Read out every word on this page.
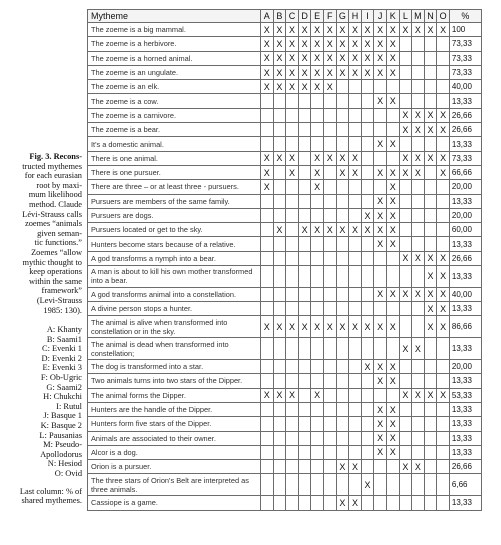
Fig. 3. Recons-

tructed mythemes
for each eurasian
root by maxi-
mum likelihood
method. Claude
Lévi-Strauss calls
zoemes “animals
given seman-
tic functions.”
Zoemes “allow
mythic thought to
keep operations
within the same
framework”
(Levi-Strauss
1985: 130).
A: Khanty
B: Saami1
C: Evenki 1
D: Evenki 2
E: Evenki 3
F: Ob-Ugric
G: Saami2
H: Chukchi
I: Rutul
J: Basque 1
K: Basque 2
L: Pausanias
M: Pseudo-
Apollodorus
N: Hesiod
O: Ovid
Last column: % of
shared mythemes.
Mytheme	A	B	C	D	E	F	G	H	I	J	K	L	M	N	O	%
The zoeme is a big mammal.	X	X	X	X	X	X	X	X	X	X	X	X	X	X	X	100
The zoeme is a herbivore.	X	X	X	X	X	X	X	X	X	X	X					73,33
The zoeme is a horned animal.	X	X	X	X	X	X	X	X	X	X	X					73,33
The zoeme is an ungulate.	X	X	X	X	X	X	X	X	X	X	X					73,33
The zoeme is an elk.	X	X	X	X	X	X										40,00
The zoeme is a cow.										X	X					13,33
The zoeme is a carnivore.												X	X	X	X	26,66
The zoeme is a bear.												X	X	X	X	26,66
It's a domestic animal.										X	X					13,33
There is one animal.	X	X	X		X	X	X	X				X	X	X	X	73,33
There is one pursuer.	X		X		X		X	X		X	X	X	X		X	66,66
There are three – or at least three - pursuers.	X				X						X					20,00
Pursuers are members of the same family.										X	X					13,33
Pursuers are dogs.									X	X	X					20,00
Pursuers located or get to the sky.		X		X	X	X	X	X	X	X	X					60,00
Hunters become stars because of a relative.										X	X					13,33
A god transforms a nymph into a bear.												X	X	X	X	26,66
A man is about to kill his own mother transformed into a bear.														X	X	13,33
A god transforms animal into a constellation.										X	X	X	X	X	X	40,00
A divine person stops a hunter.														X	X	13,33
The animal is alive when transformed into constellation or in the sky.	X	X	X	X	X	X	X	X	X	X	X			X	X	86,66
The animal is dead when transformed into constellation;												X	X			13,33
The dog is transformed into a star.									X	X	X					20,00
Two animals turns into two stars of the Dipper.										X	X					13,33
The animal forms the Dipper.	X	X	X		X							X	X	X	X	53,33
Hunters are the handle of the Dipper.										X	X					13,33
Hunters form five stars of the Dipper.										X	X					13,33
Animals are associated to their owner.										X	X					13,33
Alcor is a dog.										X	X					13,33
Orion is a pursuer.							X	X				X	X			26,66
The three stars of Orion's Belt are interpreted as three animals.									X							6,66
Cassiope is a game.							X	X								13,33
